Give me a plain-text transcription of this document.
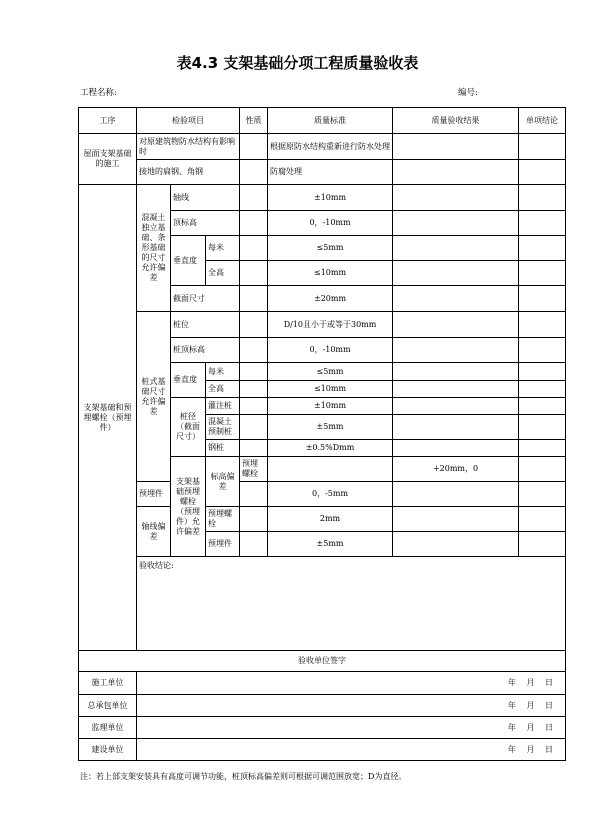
表4.3 支架基础分项工程质量验收表
工程名称:	编号:
工序	检验项目			性质	质量标准	质量验收结果	单项结论	
屋面支架基础的施工	对原建筑物防水结构有影响时				根据原防水结构重新进行防水处理			
	接地的扁钢、角钢				防腐处理			
支架基础和预埋螺栓（预埋件）	混凝土独立基础、条形基础的尺寸允许偏差	轴线			±10mm			
		顶标高			0，-10mm			
		垂直度	每米		≤5mm			
			全高		≤10mm			
		截面尺寸			±20mm			
	桩式基础尺寸允许偏差	桩位			D/10且小于或等于30mm			
		桩顶标高			0，-10mm			
		垂直度	每米		≤5mm			
			全高		≤10mm			
		桩径（截面尺寸）	灌注桩		±10mm			
			混凝土预制桩		±5mm			
			钢桩		±0.5%Dmm			
		支架基础预埋螺栓（预埋件）允许偏差	标高偏差	预埋螺栓		+20mm，0		
	预埋件				0，-5mm			
	轴线偏差		预埋螺栓		2mm			
			预埋件		±5mm			
	验收结论:							
验收单位签字								
施工单位	年 月 日							
总承包单位	年 月 日							
监理单位	年 月 日							
建设单位	年 月 日							
注：若上部支架安装具有高度可调节功能，桩顶标高偏差则可根据可调范围放宽；D为直径。
